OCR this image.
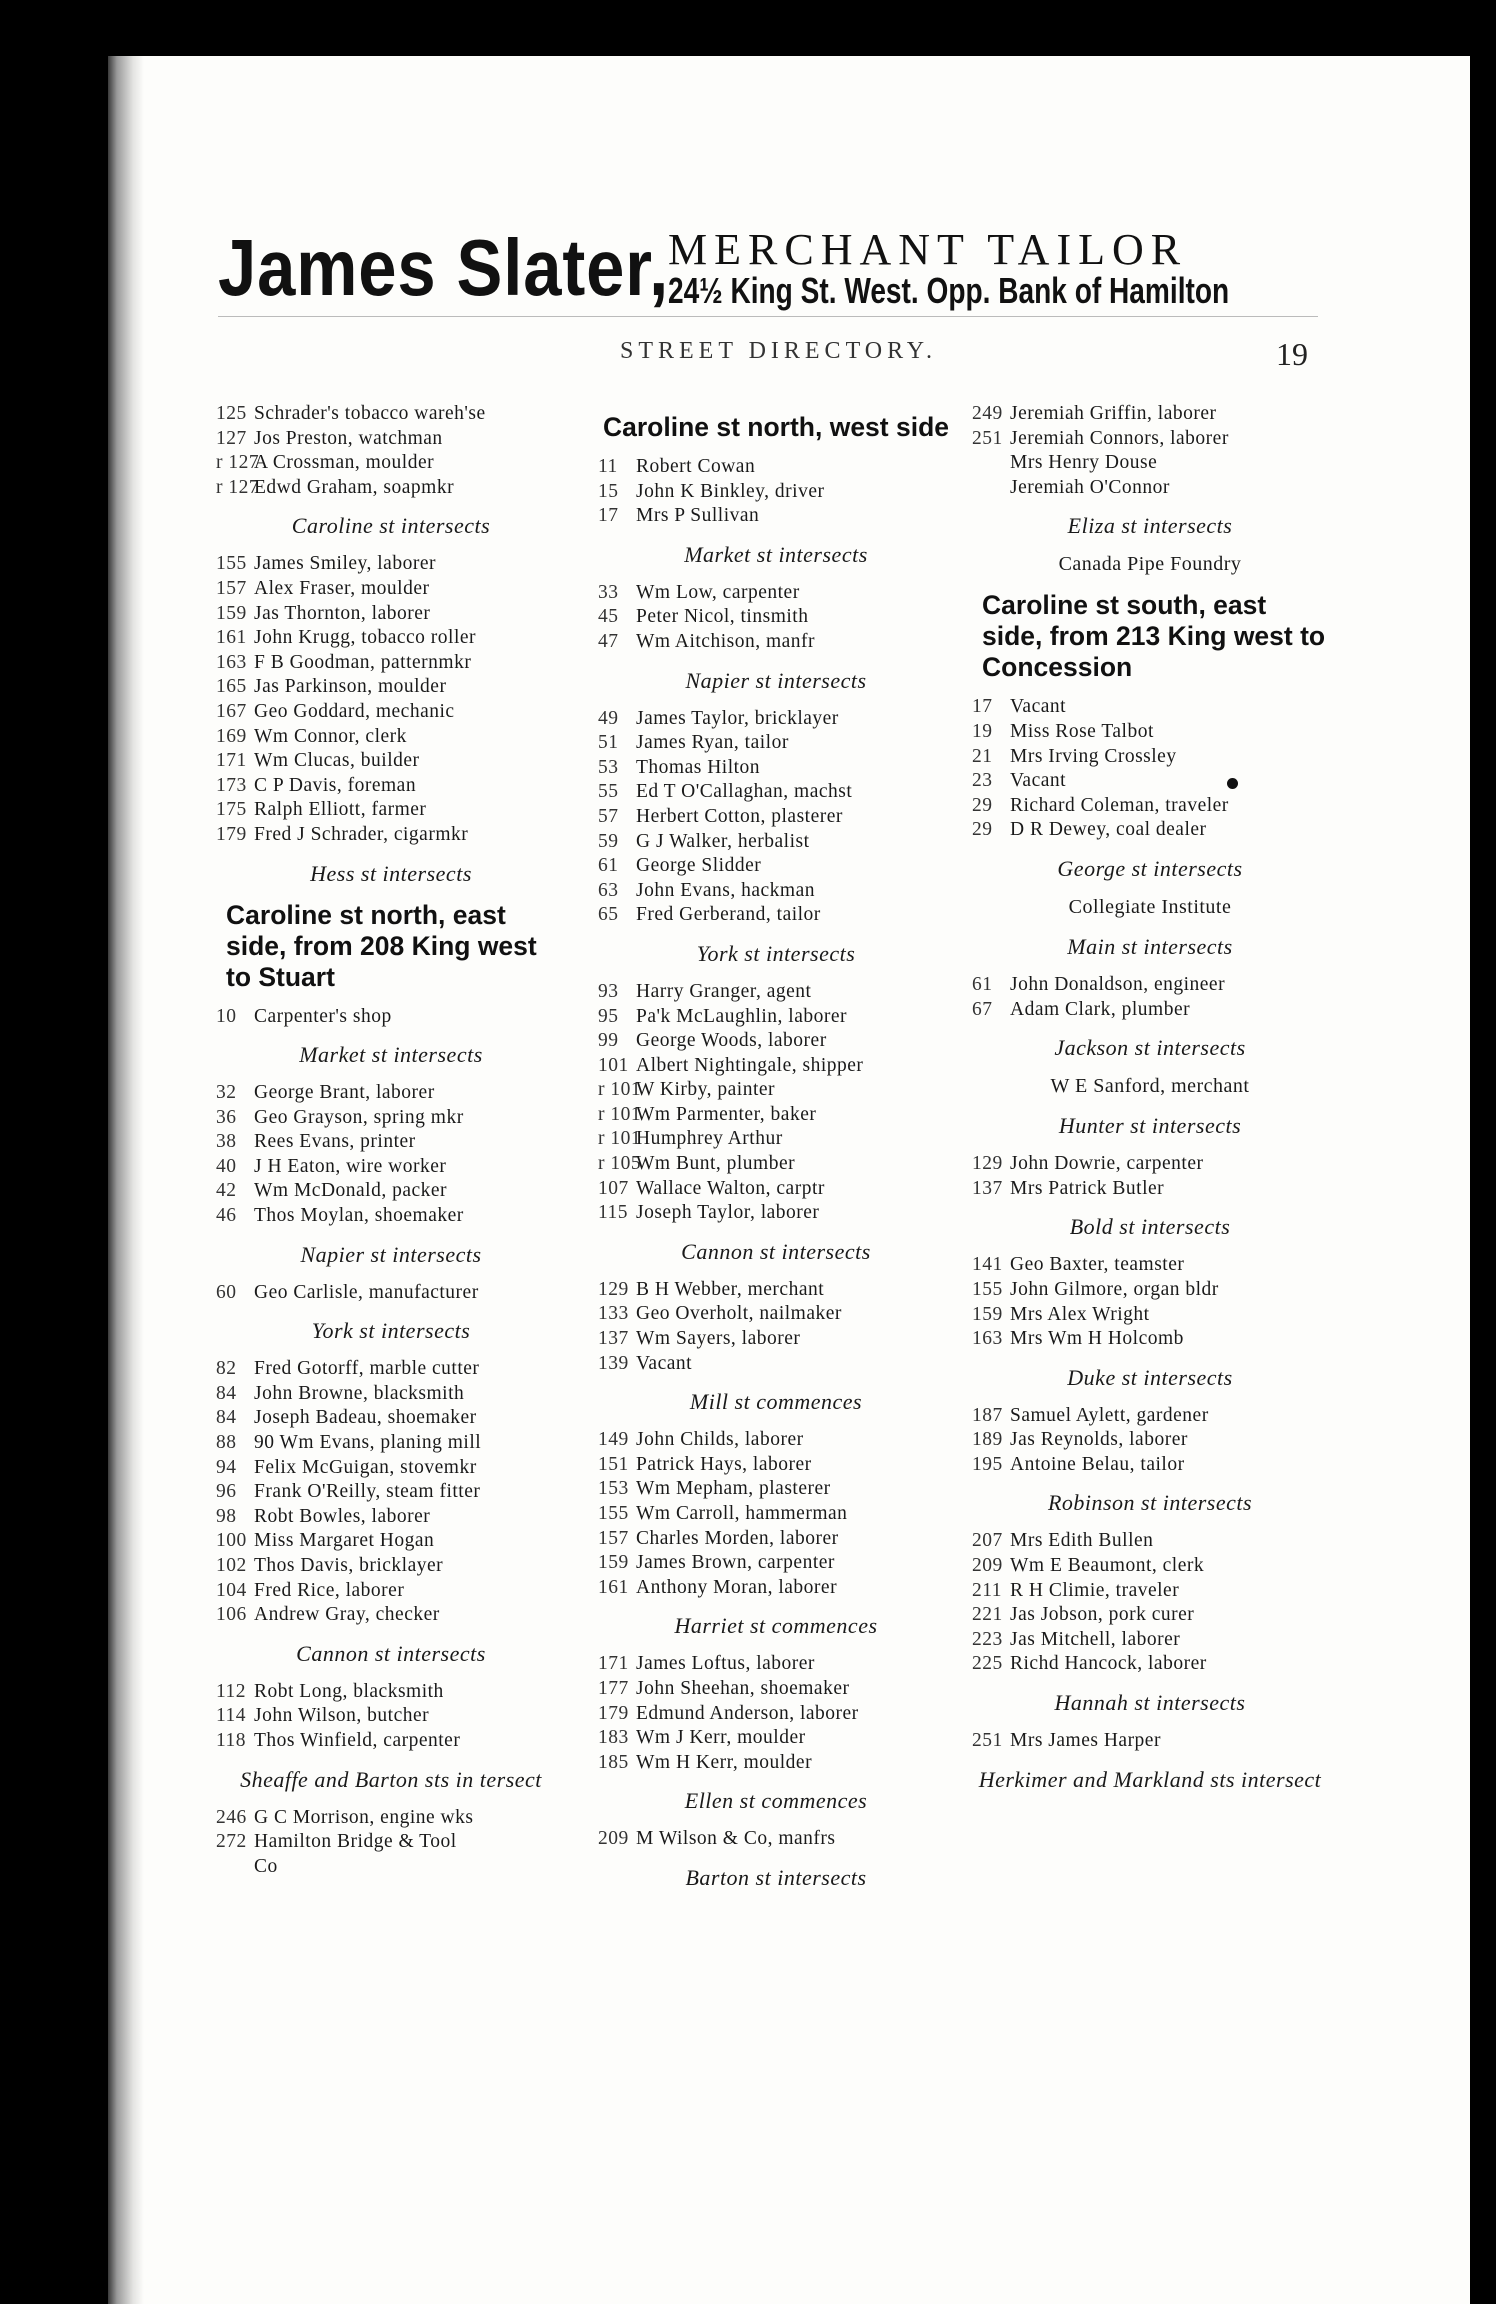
James Slater,
MERCHANT TAILOR
24½ King St. West. Opp. Bank of Hamilton
STREET DIRECTORY.	19
125 Schrader's tobacco wareh'se
127 Jos Preston, watchman
r 127
A Crossman, moulder
r 127
Edwd Graham, soapmkr
Caroline st intersects
155 James Smiley, laborer
157 Alex Fraser, moulder
159 Jas Thornton, laborer
161 John Krugg, tobacco roller
163 F B Goodman, patternmkr
165 Jas Parkinson, moulder
167 Geo Goddard, mechanic
169 Wm Connor, clerk
171 Wm Clucas, builder
173 C P Davis, foreman
175 Ralph Elliott, farmer
179 Fred J Schrader, cigarmkr
Hess st intersects
Caroline st north, east side, from 208 King west to Stuart
10 Carpenter's shop
Market st intersects
32 George Brant, laborer
36 Geo Grayson, spring mkr
38 Rees Evans, printer
40 J H Eaton, wire worker
42 Wm McDonald, packer
46 Thos Moylan, shoemaker
Napier st intersects
60 Geo Carlisle, manufacturer
York st intersects
82 Fred Gotorff, marble cutter
84 John Browne, blacksmith
84 Joseph Badeau, shoemaker
88 90 Wm Evans, planing mill
94 Felix McGuigan, stovemkr
96 Frank O'Reilly, steam fitter
98 Robt Bowles, laborer
100 Miss Margaret Hogan
102 Thos Davis, bricklayer
104 Fred Rice, laborer
106 Andrew Gray, checker
Cannon st intersects
112 Robt Long, blacksmith
114 John Wilson, butcher
118 Thos Winfield, carpenter
Sheaffe and Barton sts in tersect
246 G C Morrison, engine wks
272 Hamilton Bridge & Tool
Co
Caroline st north, west side
11 Robert Cowan
15 John K Binkley, driver
17 Mrs P Sullivan
Market st intersects
33 Wm Low, carpenter
45 Peter Nicol, tinsmith
47 Wm Aitchison, manfr
Napier st intersects
49 James Taylor, bricklayer
51 James Ryan, tailor
53 Thomas Hilton
55 Ed T O'Callaghan, machst
57 Herbert Cotton, plasterer
59 G J Walker, herbalist
61 George Slidder
63 John Evans, hackman
65 Fred Gerberand, tailor
York st intersects
93 Harry Granger, agent
95 Pa'k McLaughlin, laborer
99 George Woods, laborer
101 Albert Nightingale, shipper
r 101
W Kirby, painter
r 101
Wm Parmenter, baker
r 101
Humphrey Arthur
r 105
Wm Bunt, plumber
107 Wallace Walton, carptr
115 Joseph Taylor, laborer
Cannon st intersects
129 B H Webber, merchant
133 Geo Overholt, nailmaker
137 Wm Sayers, laborer
139 Vacant
Mill st commences
149 John Childs, laborer
151 Patrick Hays, laborer
153 Wm Mepham, plasterer
155 Wm Carroll, hammerman
157 Charles Morden, laborer
159 James Brown, carpenter
161 Anthony Moran, laborer
Harriet st commences
171 James Loftus, laborer
177 John Sheehan, shoemaker
179 Edmund Anderson, laborer
183 Wm J Kerr, moulder
185 Wm H Kerr, moulder
Ellen st commences
209 M Wilson & Co, manfrs
Barton st intersects
249 Jeremiah Griffin, laborer
251 Jeremiah Connors, laborer
Mrs Henry Douse
Jeremiah O'Connor
Eliza st intersects
Canada Pipe Foundry
Caroline st south, east side, from 213 King west to Concession
17 Vacant
19 Miss Rose Talbot
21 Mrs Irving Crossley
23 Vacant
29 Richard Coleman, traveler
29 D R Dewey, coal dealer
George st intersects
Collegiate Institute
Main st intersects
61 John Donaldson, engineer
67 Adam Clark, plumber
Jackson st intersects
W E Sanford, merchant
Hunter st intersects
129 John Dowrie, carpenter
137 Mrs Patrick Butler
Bold st intersects
141 Geo Baxter, teamster
155 John Gilmore, organ bldr
159 Mrs Alex Wright
163 Mrs Wm H Holcomb
Duke st intersects
187 Samuel Aylett, gardener
189 Jas Reynolds, laborer
195 Antoine Belau, tailor
Robinson st intersects
207 Mrs Edith Bullen
209 Wm E Beaumont, clerk
211 R H Climie, traveler
221 Jas Jobson, pork curer
223 Jas Mitchell, laborer
225 Richd Hancock, laborer
Hannah st intersects
251 Mrs James Harper
Herkimer and Markland sts intersect
